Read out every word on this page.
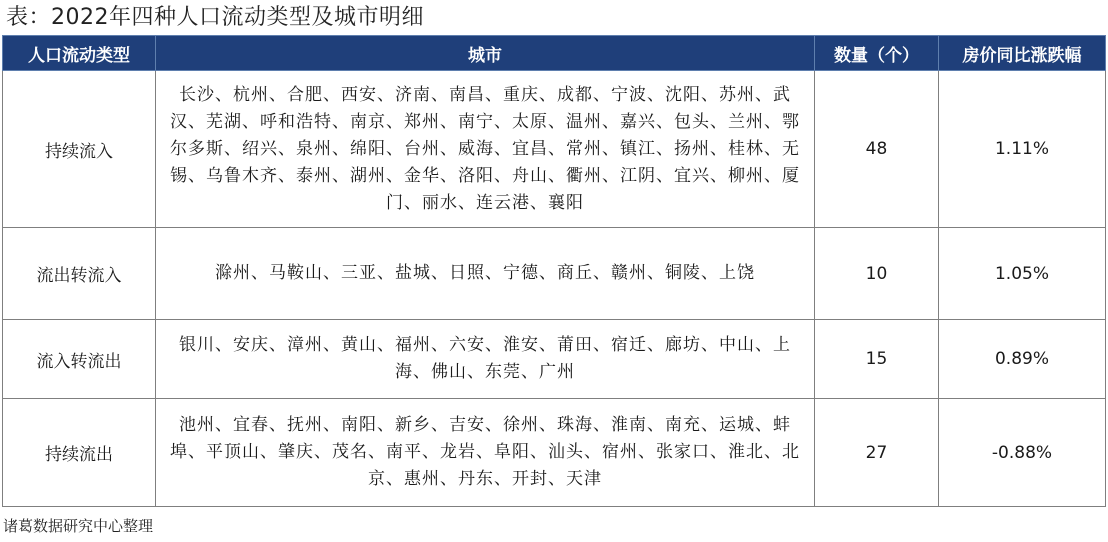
表：2022年四种人口流动类型及城市明细
人口流动类型	城市	数量（个）	房价同比涨跌幅
持续流入	长沙、杭州、合肥、西安、济南、南昌、重庆、成都、宁波、沈阳、苏州、武汉、芜湖、呼和浩特、南京、郑州、南宁、太原、温州、嘉兴、包头、兰州、鄂尔多斯、绍兴、泉州、绵阳、台州、威海、宜昌、常州、镇江、扬州、桂林、无锡、乌鲁木齐、泰州、湖州、金华、洛阳、舟山、衢州、江阴、宜兴、柳州、厦门、丽水、连云港、襄阳	48	1.11%
流出转流入	滁州、马鞍山、三亚、盐城、日照、宁德、商丘、赣州、铜陵、上饶	10	1.05%
流入转流出	银川、安庆、漳州、黄山、福州、六安、淮安、莆田、宿迁、廊坊、中山、上海、佛山、东莞、广州	15	0.89%
持续流出	池州、宜春、抚州、南阳、新乡、吉安、徐州、珠海、淮南、南充、运城、蚌埠、平顶山、肇庆、茂名、南平、龙岩、阜阳、汕头、宿州、张家口、淮北、北京、惠州、丹东、开封、天津	27	-0.88%
诸葛数据研究中心整理
